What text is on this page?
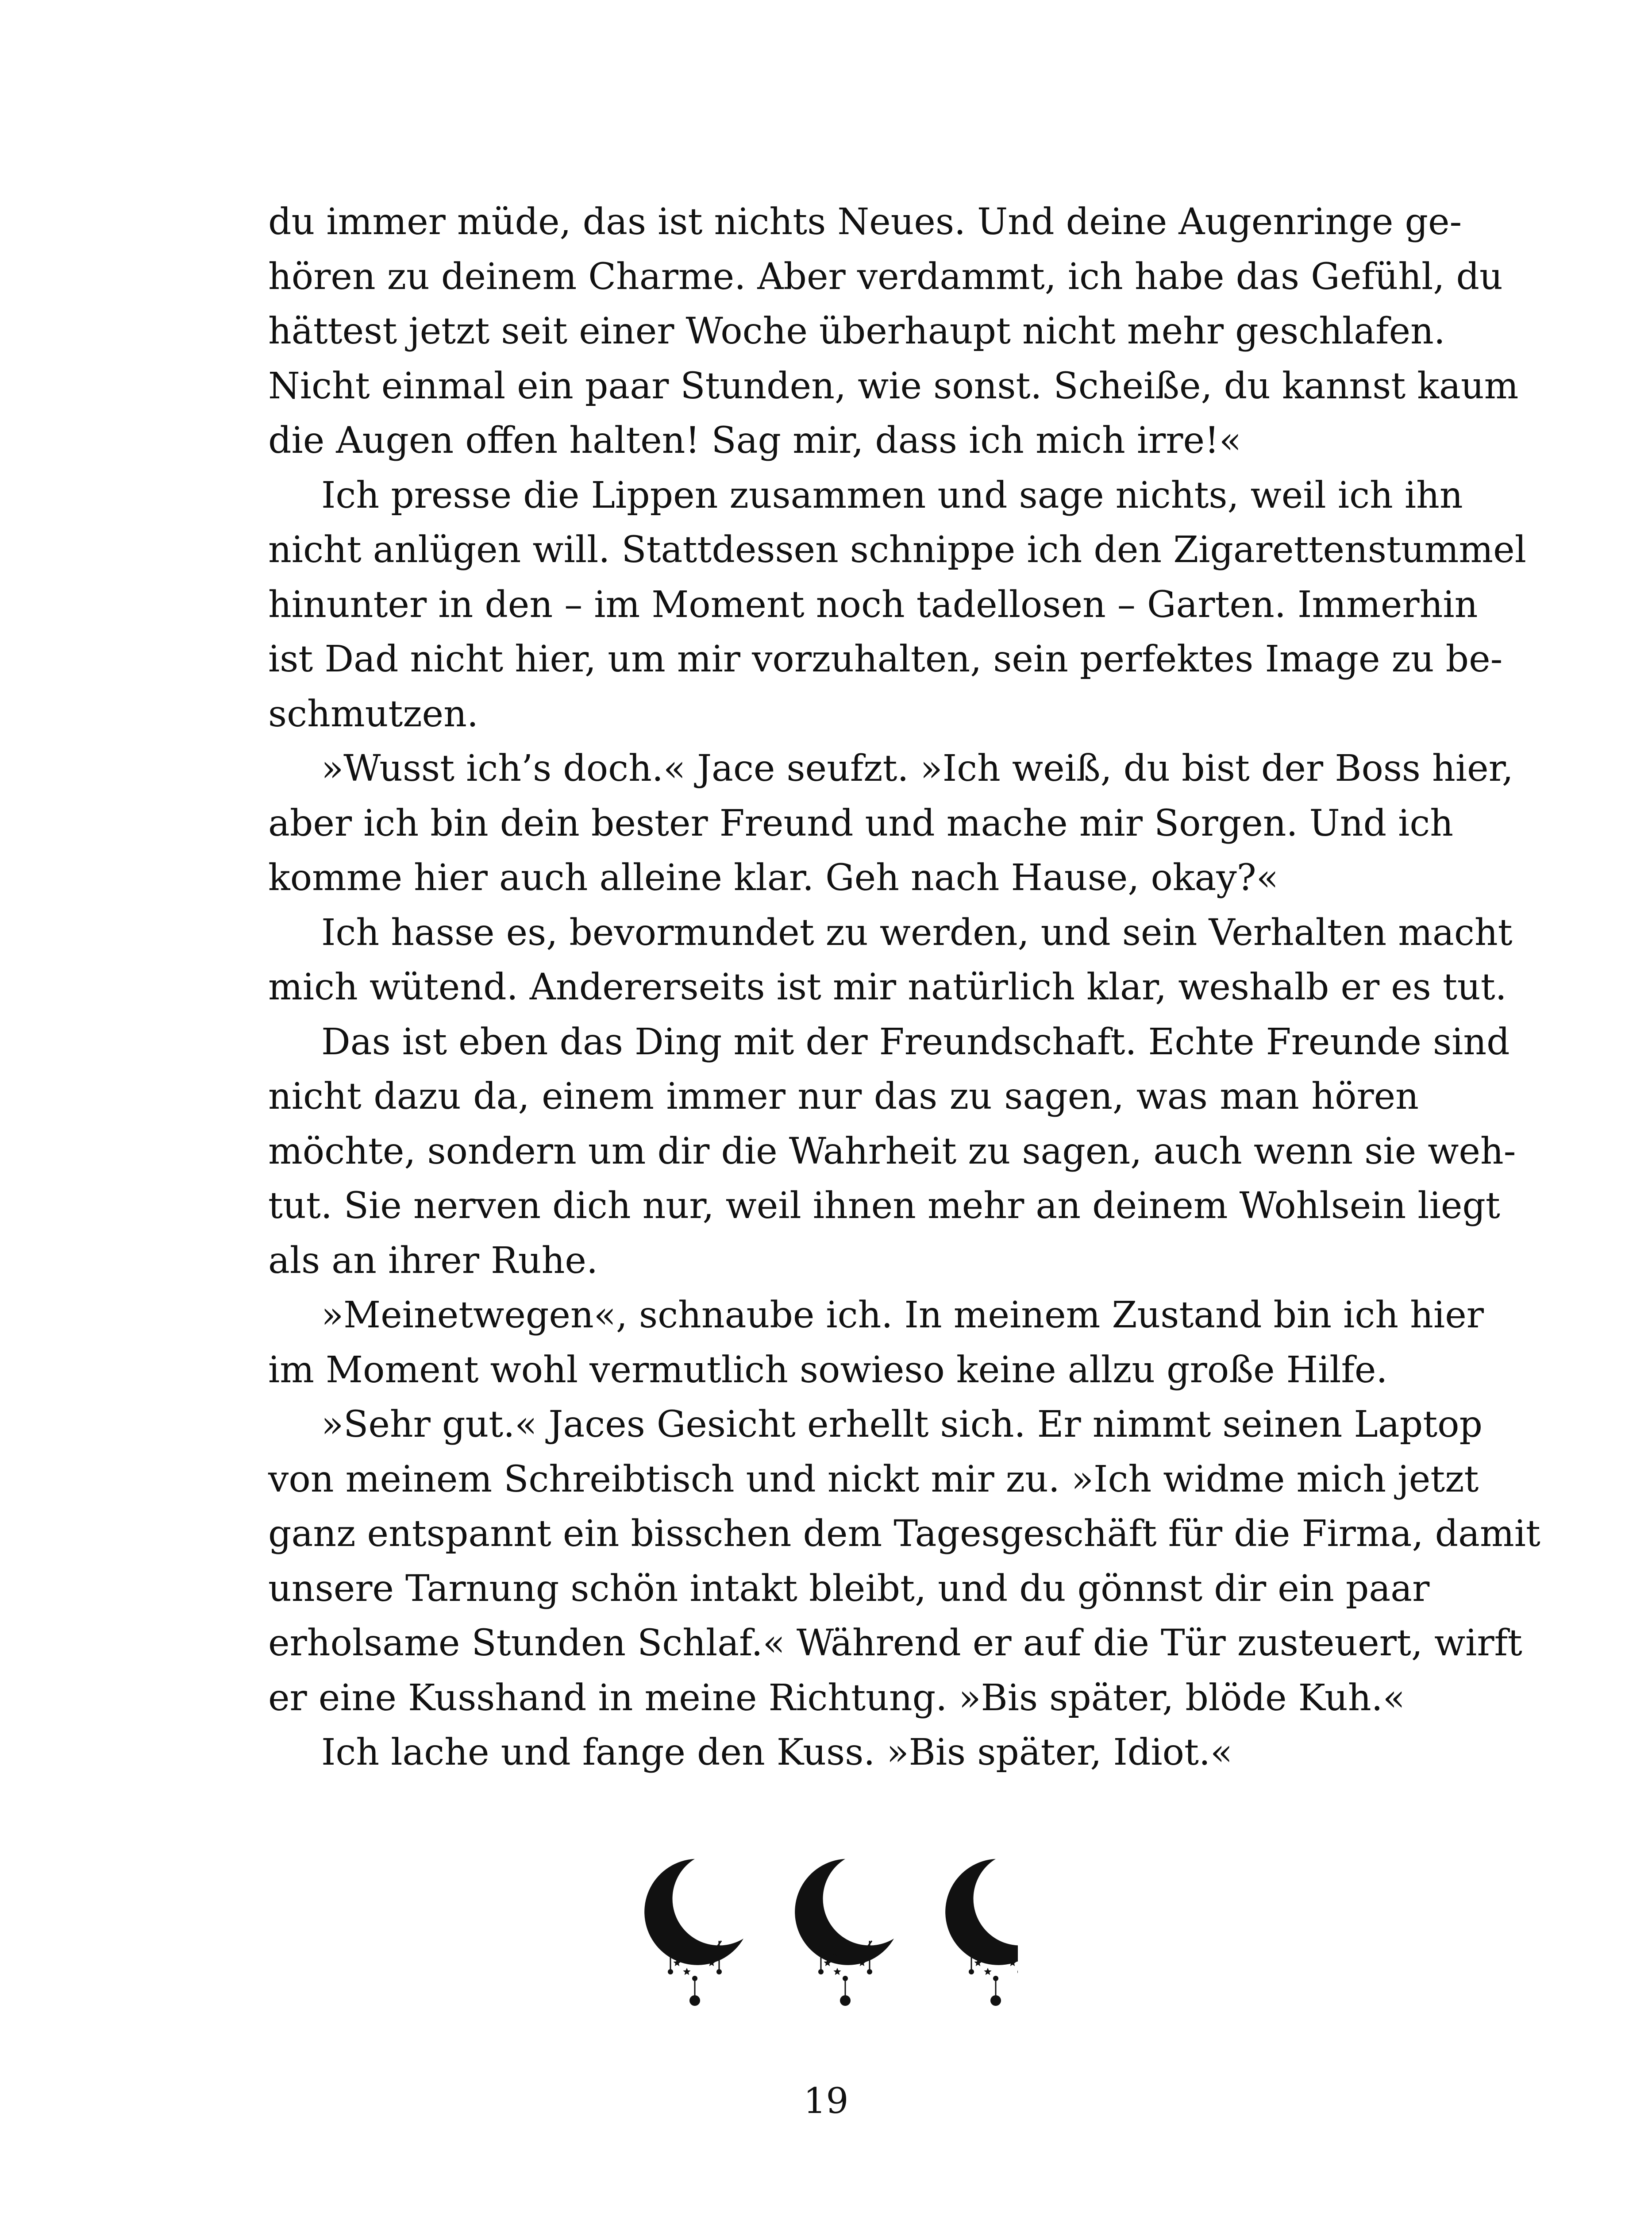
du immer müde, das ist nichts Neues. Und deine Augenringe ge-
hören zu deinem Charme. Aber verdammt, ich habe das Gefühl, du
hättest jetzt seit einer Woche überhaupt nicht mehr geschlafen.
Nicht einmal ein paar Stunden, wie sonst. Scheiße, du kannst kaum
die Augen offen halten! Sag mir, dass ich mich irre!«
Ich presse die Lippen zusammen und sage nichts, weil ich ihn
nicht anlügen will. Stattdessen schnippe ich den Zigarettenstummel
hinunter in den – im Moment noch tadellosen – Garten. Immerhin
ist Dad nicht hier, um mir vorzuhalten, sein perfektes Image zu be-
schmutzen.
»Wusst ich’s doch.« Jace seufzt. »Ich weiß, du bist der Boss hier,
aber ich bin dein bester Freund und mache mir Sorgen. Und ich
komme hier auch alleine klar. Geh nach Hause, okay?«
Ich hasse es, bevormundet zu werden, und sein Verhalten macht
mich wütend. Andererseits ist mir natürlich klar, weshalb er es tut.
Das ist eben das Ding mit der Freundschaft. Echte Freunde sind
nicht dazu da, einem immer nur das zu sagen, was man hören
möchte, sondern um dir die Wahrheit zu sagen, auch wenn sie weh-
tut. Sie nerven dich nur, weil ihnen mehr an deinem Wohlsein liegt
als an ihrer Ruhe.
»Meinetwegen«, schnaube ich. In meinem Zustand bin ich hier
im Moment wohl vermutlich sowieso keine allzu große Hilfe.
»Sehr gut.« Jaces Gesicht erhellt sich. Er nimmt seinen Laptop
von meinem Schreibtisch und nickt mir zu. »Ich widme mich jetzt
ganz entspannt ein bisschen dem Tagesgeschäft für die Firma, damit
unsere Tarnung schön intakt bleibt, und du gönnst dir ein paar
erholsame Stunden Schlaf.« Während er auf die Tür zusteuert, wirft
er eine Kusshand in meine Richtung. »Bis später, blöde Kuh.«
Ich lache und fange den Kuss. »Bis später, Idiot.«
19
